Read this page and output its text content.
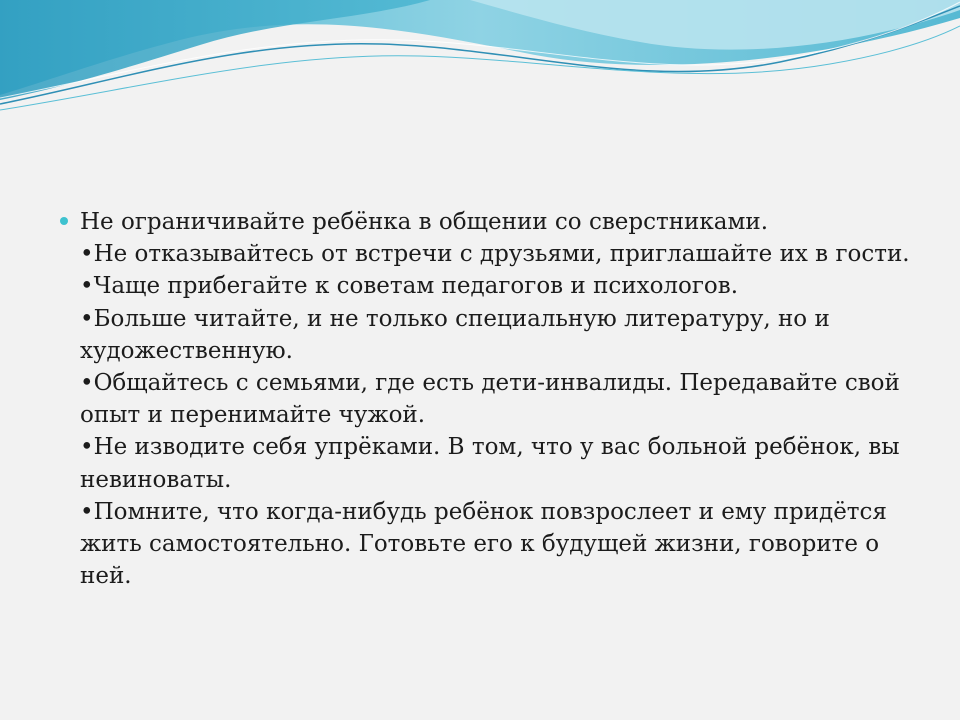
Не ограничивайте ребёнка в общении со сверстниками.

•Не отказывайтесь от встречи с друзьями, приглашайте их в гости.

•Чаще прибегайте к советам педагогов и психологов.

•Больше читайте, и не только специальную литературу, но и художественную.

•Общайтесь с семьями, где есть дети-инвалиды. Передавайте свой опыт и перенимайте чужой.

•Не изводите себя упрёками. В том, что у вас больной ребёнок, вы невиноваты.

•Помните, что когда-нибудь ребёнок повзрослеет и ему придётся жить самостоятельно. Готовьте его к будущей жизни, говорите о ней.
